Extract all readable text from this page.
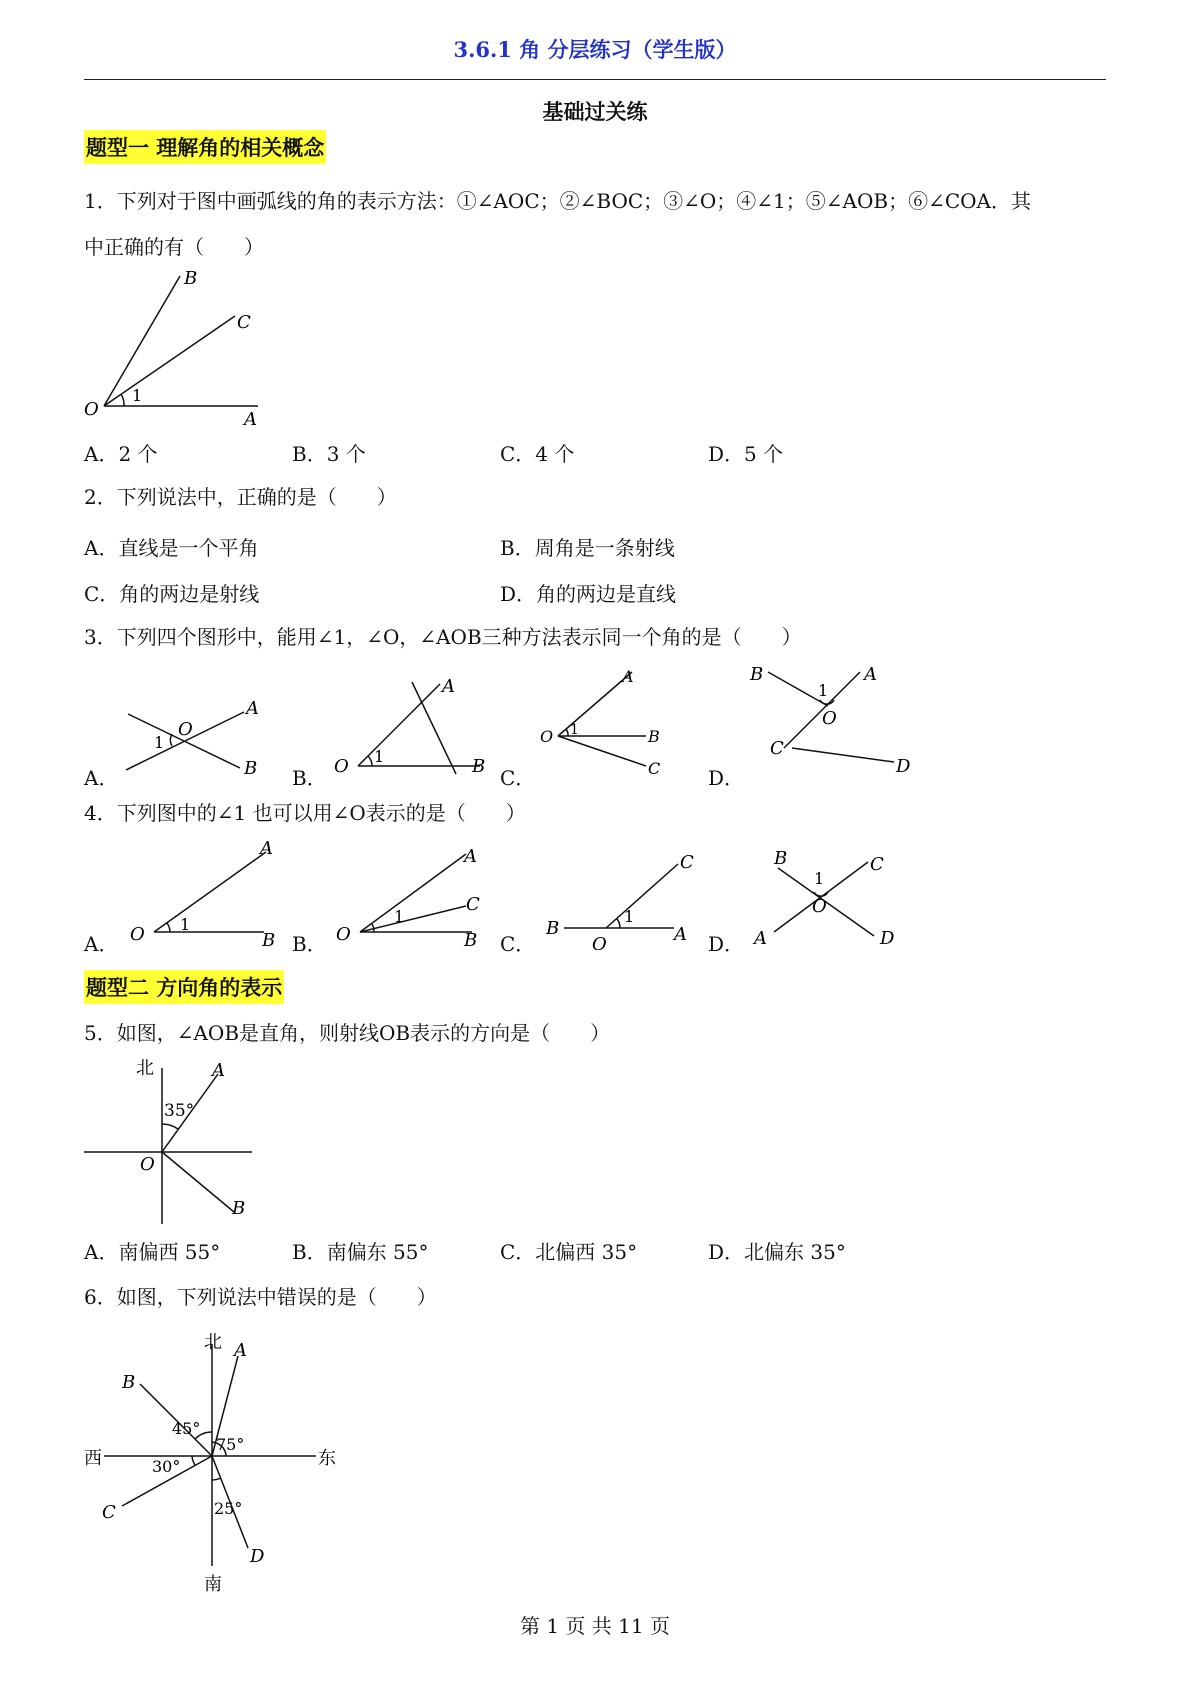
3.6.1 角 分层练习（学生版）
基础过关练
题型一 理解角的相关概念
1．下列对于图中画弧线的角的表示方法：①∠AOC；②∠BOC；③∠O；④∠1；⑤∠AOB；⑥∠COA．其
中正确的有（　　）
B
C
O
1
A
A．2 个	B．3 个	C．4 个	D．5 个
2．下列说法中，正确的是（　　）
A．直线是一个平角	B．周角是一条射线
C．角的两边是射线	D．角的两边是直线
3．下列四个图形中，能用∠1，∠O，∠AOB三种方法表示同一个角的是（　　）
A．	B．	C．	D．
A
B
O
1
A
B
O 1
A
B
C
O 1
B	A
1
O
C
D
4．下列图中的∠1 也可以用∠O表示的是（　　）
A．	B．	C．	D．
A
B
O 1
A
C
B
O
1
C
B
O	A
1
B	C
1
O
A	D
题型二 方向角的表示
5．如图，∠AOB是直角，则射线OB表示的方向是（　　）
北	A
35°
O
B
A．南偏西 55°	B．南偏东 55°	C．北偏西 35°	D．北偏东 35°
6．如图，下列说法中错误的是（　　）
北 A
B
45°
75°
西	东
30°
C	25°
D
南
第 1 页 共 11 页
